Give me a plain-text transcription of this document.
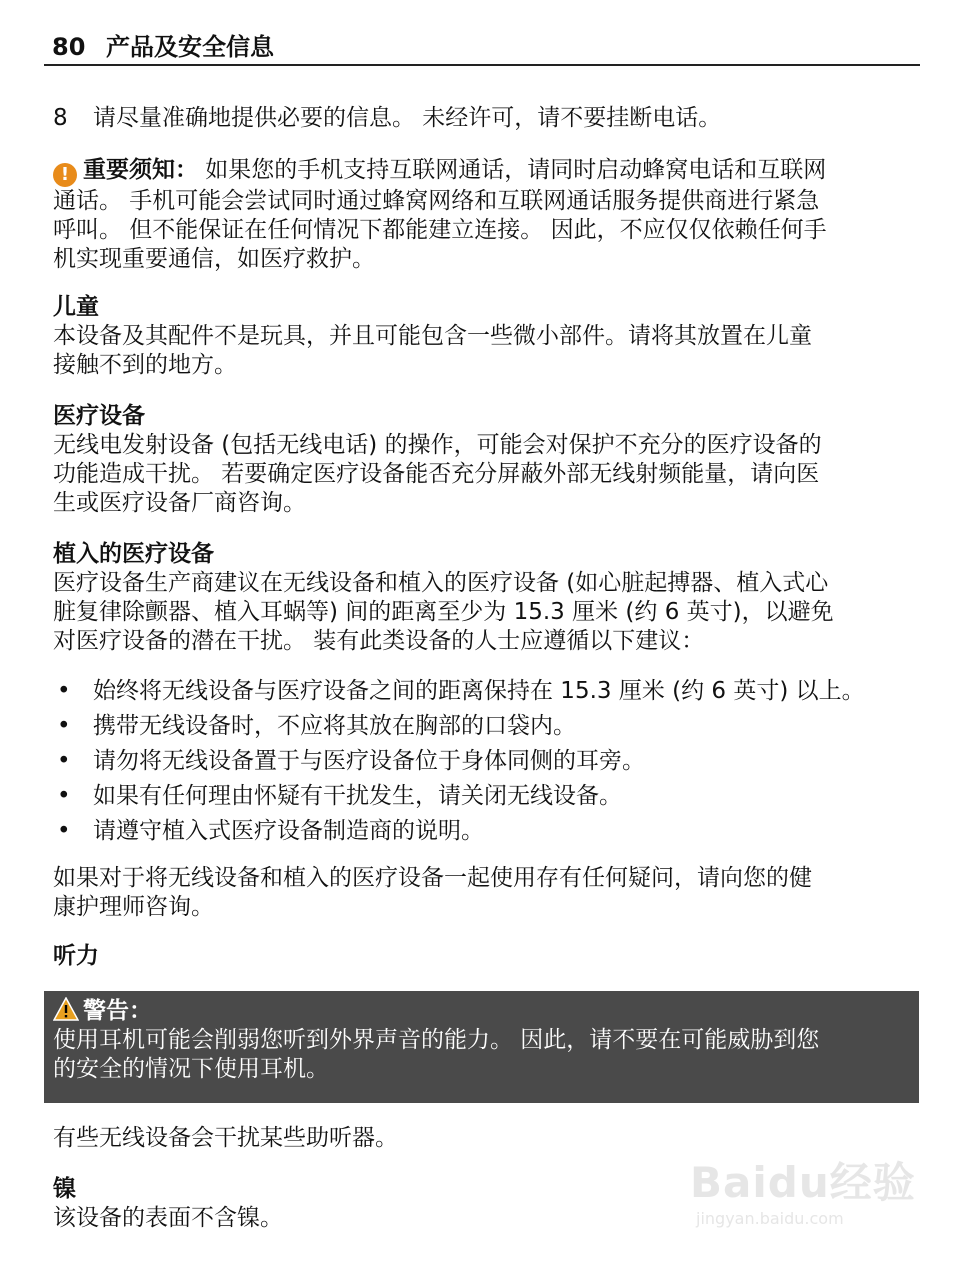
80 产品及安全信息

8 请尽量准确地提供必要的信息。 未经许可，请不要挂断电话。

! 重要须知： 如果您的手机支持互联网通话，请同时启动蜂窝电话和互联网

通话。 手机可能会尝试同时通过蜂窝网络和互联网通话服务提供商进行紧急

呼叫。 但不能保证在任何情况下都能建立连接。 因此，不应仅仅依赖任何手

机实现重要通信，如医疗救护。

儿童

本设备及其配件不是玩具，并且可能包含一些微小部件。请将其放置在儿童

接触不到的地方。

医疗设备

无线电发射设备 (包括无线电话) 的操作，可能会对保护不充分的医疗设备的

功能造成干扰。 若要确定医疗设备能否充分屏蔽外部无线射频能量，请向医

生或医疗设备厂商咨询。

植入的医疗设备

医疗设备生产商建议在无线设备和植入的医疗设备 (如心脏起搏器、植入式心

脏复律除颤器、植入耳蜗等) 间的距离至少为 15.3 厘米 (约 6 英寸)，以避免

对医疗设备的潜在干扰。 装有此类设备的人士应遵循以下建议：

• 始终将无线设备与医疗设备之间的距离保持在 15.3 厘米 (约 6 英寸) 以上。
• 携带无线设备时，不应将其放在胸部的口袋内。
• 请勿将无线设备置于与医疗设备位于身体同侧的耳旁。
• 如果有任何理由怀疑有干扰发生，请关闭无线设备。
• 请遵守植入式医疗设备制造商的说明。

如果对于将无线设备和植入的医疗设备一起使用存有任何疑问，请向您的健

康护理师咨询。

听力

警告：

使用耳机可能会削弱您听到外界声音的能力。 因此，请不要在可能威胁到您

的安全的情况下使用耳机。

有些无线设备会干扰某些助听器。

镍

该设备的表面不含镍。

Baidu经验
jingyan.baidu.com
